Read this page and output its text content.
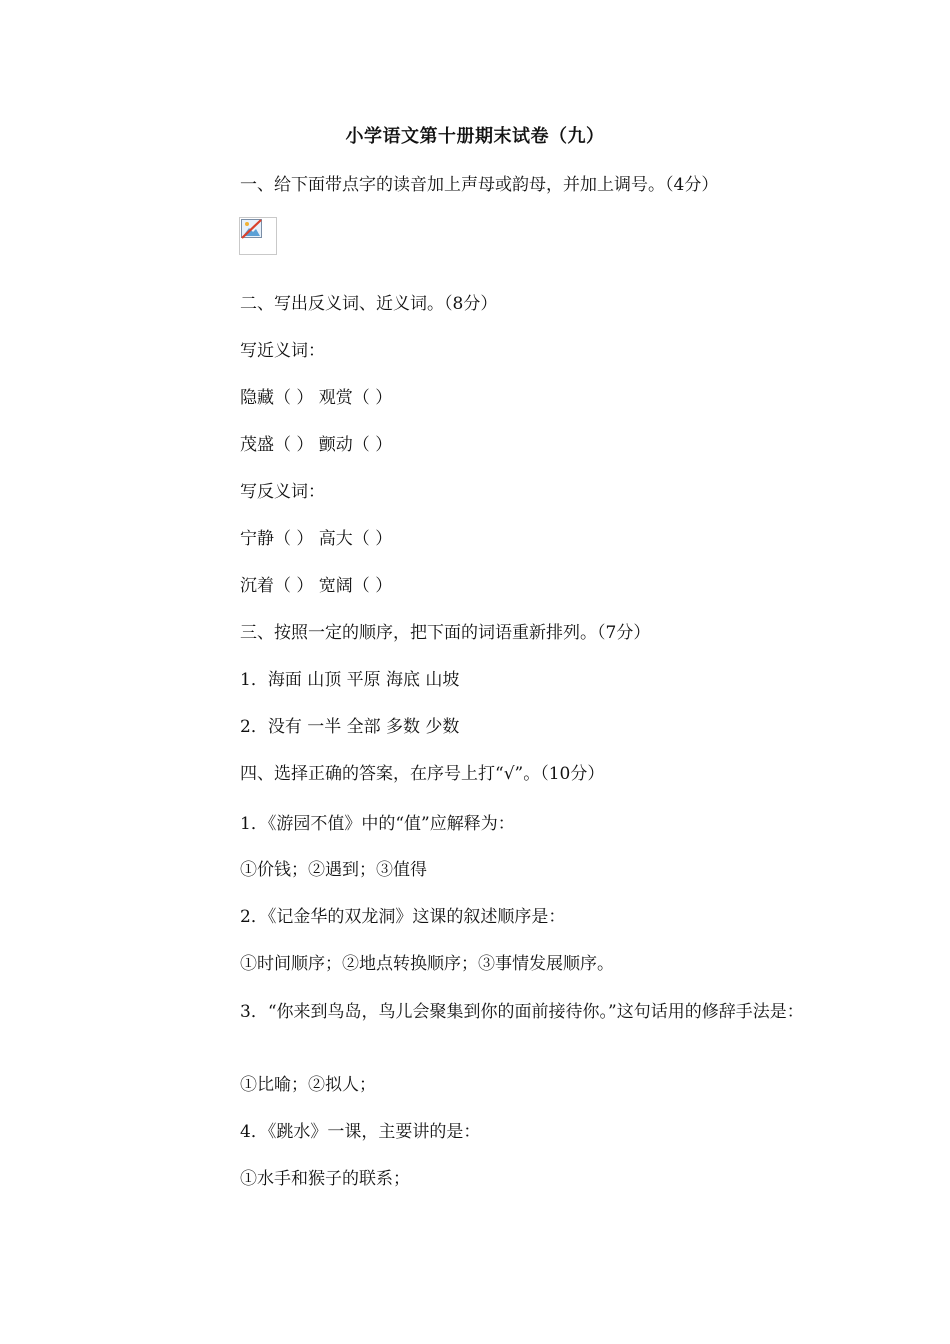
小学语文第十册期末试卷（九）
一、给下面带点字的读音加上声母或韵母，并加上调号。（4分）
二、写出反义词、近义词。（8分）
写近义词：
隐藏（ ） 观赏（ ）
茂盛（ ） 颤动（ ）
写反义词：
宁静（ ） 高大（ ）
沉着（ ） 宽阔（ ）
三、按照一定的顺序，把下面的词语重新排列。（7分）
1．海面 山顶 平原 海底 山坡
2．没有 一半 全部 多数 少数
四、选择正确的答案，在序号上打“√”。（10分）
1．《游园不值》中的“值”应解释为：
①价钱；②遇到；③值得
2．《记金华的双龙洞》这课的叙述顺序是：
①时间顺序；②地点转换顺序；③事情发展顺序。
3．“你来到鸟岛，鸟儿会聚集到你的面前接待你。”这句话用的修辞手法是：
①比喻；②拟人；
4．《跳水》一课，主要讲的是：
①水手和猴子的联系；
